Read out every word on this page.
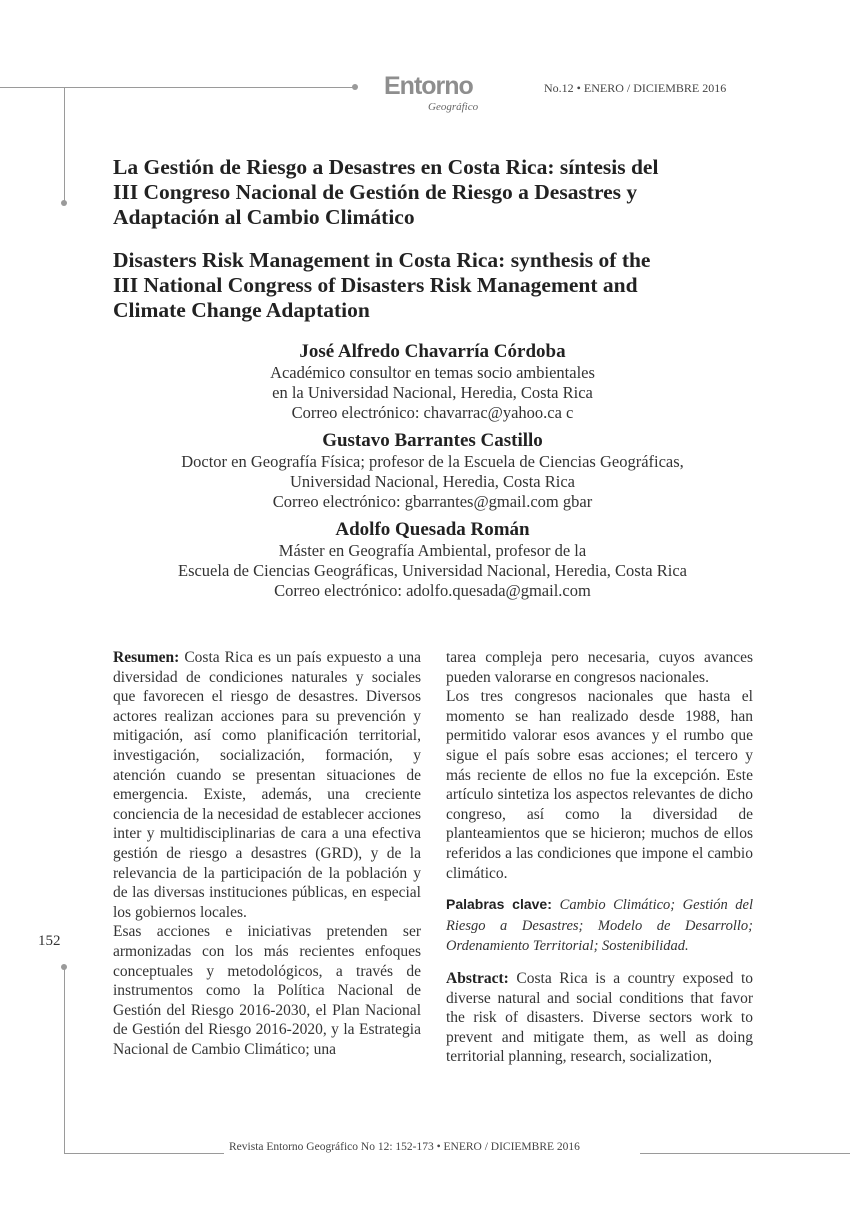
Entorno
Geográfico
No.12 • ENERO / DICIEMBRE 2016
La Gestión de Riesgo a Desastres en Costa Rica: síntesis del
III Congreso Nacional de Gestión de Riesgo a Desastres y
Adaptación al Cambio Climático
Disasters Risk Management in Costa Rica: synthesis of the
III National Congress of Disasters Risk Management and
Climate Change Adaptation
José Alfredo Chavarría Córdoba
Académico consultor en temas socio ambientales
en la Universidad Nacional, Heredia, Costa Rica
Correo electrónico: chavarrac@yahoo.ca c
Gustavo Barrantes Castillo
Doctor en Geografía Física; profesor de la Escuela de Ciencias Geográficas,
Universidad Nacional, Heredia, Costa Rica
Correo electrónico: gbarrantes@gmail.com gbar
Adolfo Quesada Román
Máster en Geografía Ambiental, profesor de la
Escuela de Ciencias Geográficas, Universidad Nacional, Heredia, Costa Rica
Correo electrónico: adolfo.quesada@gmail.com

Resumen: Costa Rica es un país expuesto a una diversidad de condiciones naturales y sociales que favorecen el riesgo de desastres. Diversos actores realizan acciones para su prevención y mitigación, así como planificación territorial, investigación, socialización, formación, y atención cuando se presentan situaciones de emergencia. Existe, además, una creciente conciencia de la necesidad de establecer acciones inter y multidisciplinarias de cara a una efectiva gestión de riesgo a desastres (GRD), y de la relevancia de la participación de la población y de las diversas instituciones públicas, en especial los gobiernos locales.

Esas acciones e iniciativas pretenden ser armonizadas con los más recientes enfoques conceptuales y metodológicos, a través de instrumentos como la Política Nacional de Gestión del Riesgo 2016-2030, el Plan Nacional de Gestión del Riesgo 2016-2020, y la Estrategia Nacional de Cambio Climático; una

tarea compleja pero necesaria, cuyos avances pueden valorarse en congresos nacionales.

Los tres congresos nacionales que hasta el momento se han realizado desde 1988, han permitido valorar esos avances y el rumbo que sigue el país sobre esas acciones; el tercero y más reciente de ellos no fue la excepción. Este artículo sintetiza los aspectos relevantes de dicho congreso, así como la diversidad de planteamientos que se hicieron; muchos de ellos referidos a las condiciones que impone el cambio climático.

Palabras clave: Cambio Climático; Gestión del Riesgo a Desastres; Modelo de Desarrollo; Ordenamiento Territorial; Sostenibilidad.

Abstract: Costa Rica is a country exposed to diverse natural and social conditions that favor the risk of disasters. Diverse sectors work to prevent and mitigate them, as well as doing territorial planning, research, socialization,

152
Revista Entorno Geográfico No 12: 152-173 • ENERO / DICIEMBRE 2016
